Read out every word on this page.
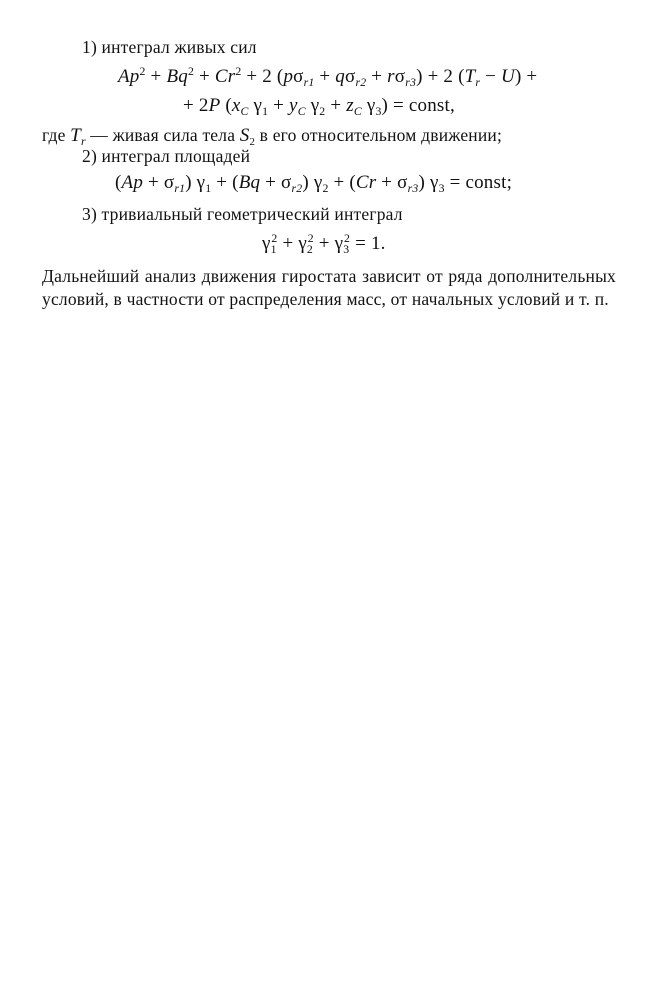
1) интеграл живых сил
$Ap^2 + Bq^2 + Cr^2 + 2$ $(p\sigma_{r1} + q\sigma_{r2} + r\sigma_{r3}) + 2$ $(T_r - U)$ +
+ 2P ($x_C$ $\gamma_1 + y_C$ $\gamma_2 + z_C$ $\gamma_3$) = const,
где $T_r$ — живая сила тела $S_2$ в его относительном движении;
2) интеграл площадей
$(Ap + \sigma_{r1})$ $\gamma_1 + (Bq + \sigma_{r2}) \gamma_2 + (Cr + \sigma_{r3}) \gamma_3$ = const;
3) тривиальный геометрический интеграл
$\gamma_1^2 + \gamma_2^2 + \gamma_3^2 = 1$.
Дальнейший анализ движения гиростата зависит от ряда дополнительных условий, в частности от распределения масс, от начальных условий и т. п.
